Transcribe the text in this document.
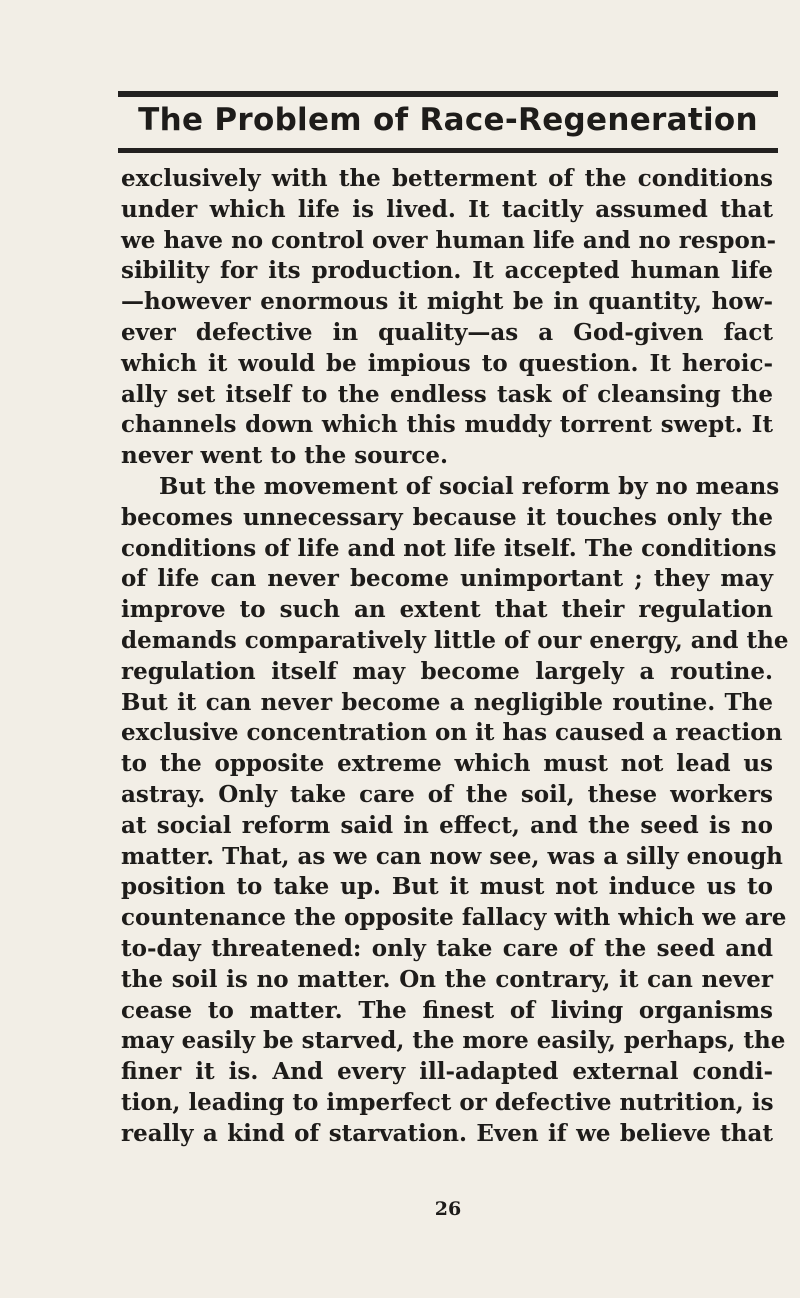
The Problem of Race-Regeneration
exclusively with the betterment of the conditions
under which life is lived. It tacitly assumed that
we have no control over human life and no respon-
sibility for its production. It accepted human life
—however enormous it might be in quantity, how-
ever defective in quality—as a God-given fact
which it would be impious to question. It heroic-
ally set itself to the endless task of cleansing the
channels down which this muddy torrent swept. It
never went to the source.
But the movement of social reform by no means
becomes unnecessary because it touches only the
conditions of life and not life itself. The conditions
of life can never become unimportant ; they may
improve to such an extent that their regulation
demands comparatively little of our energy, and the
regulation itself may become largely a routine.
But it can never become a negligible routine. The
exclusive concentration on it has caused a reaction
to the opposite extreme which must not lead us
astray. Only take care of the soil, these workers
at social reform said in effect, and the seed is no
matter. That, as we can now see, was a silly enough
position to take up. But it must not induce us to
countenance the opposite fallacy with which we are
to-day threatened: only take care of the seed and
the soil is no matter. On the contrary, it can never
cease to matter. The finest of living organisms
may easily be starved, the more easily, perhaps, the
finer it is. And every ill-adapted external condi-
tion, leading to imperfect or defective nutrition, is
really a kind of starvation. Even if we believe that
26
